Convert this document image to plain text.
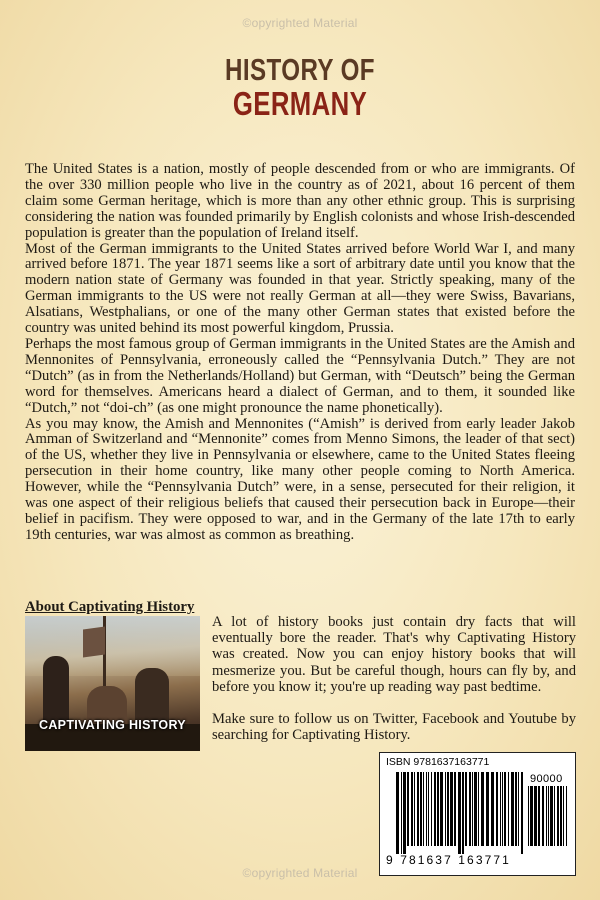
©opyrighted Material
HISTORY OF
GERMANY

The United States is a nation, mostly of people descended from or who are immigrants. Of the over 330 million people who live in the country as of 2021, about 16 percent of them claim some German heritage, which is more than any other ethnic group. This is surprising considering the nation was founded primarily by English colonists and whose Irish-descended population is greater than the population of Ireland itself.

Most of the German immigrants to the United States arrived before World War I, and many arrived before 1871. The year 1871 seems like a sort of arbitrary date until you know that the modern nation state of Germany was founded in that year. Strictly speaking, many of the German immigrants to the US were not really German at all—they were Swiss, Bavarians, Alsatians, Westphalians, or one of the many other German states that existed before the country was united behind its most powerful kingdom, Prussia.

Perhaps the most famous group of German immigrants in the United States are the Amish and Mennonites of Pennsylvania, erroneously called the “Pennsylvania Dutch.” They are not “Dutch” (as in from the Netherlands/Holland) but German, with “Deutsch” being the German word for themselves. Americans heard a dialect of German, and to them, it sounded like “Dutch,” not “doi-ch” (as one might pronounce the name phonetically).

As you may know, the Amish and Mennonites (“Amish” is derived from early leader Jakob Amman of Switzerland and “Mennonite” comes from Menno Simons, the leader of that sect) of the US, whether they live in Pennsylvania or elsewhere, came to the United States fleeing persecution in their home country, like many other people coming to North America. However, while the “Pennsylvania Dutch” were, in a sense, persecuted for their religion, it was one aspect of their religious beliefs that caused their persecution back in Europe—their belief in pacifism. They were opposed to war, and in the Germany of the late 17th to early 19th centuries, war was almost as common as breathing.

About Captivating History
CAPTIVATING HISTORY

A lot of history books just contain dry facts that will eventually bore the reader. That's why Captivating History was created. Now you can enjoy history books that will mesmerize you. But be careful though, hours can fly by, and before you know it; you're up reading way past bedtime.

Make sure to follow us on Twitter, Facebook and Youtube by searching for Captivating History.

ISBN 9781637163771
90000
9 781637 163771
©opyrighted Material
